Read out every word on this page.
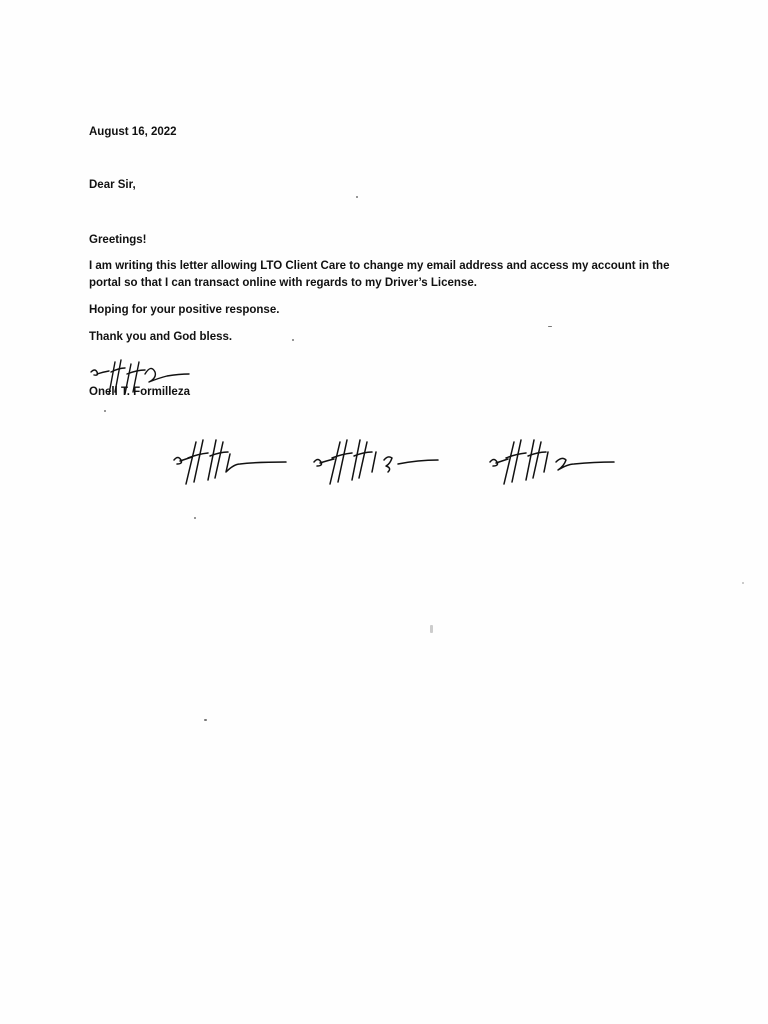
August 16, 2022
Dear Sir,
Greetings!
I am writing this letter allowing LTO Client Care to change my email address and access my account in the portal so that I can transact online with regards to my Driver’s License.
Hoping for your positive response.
Thank you and God bless.
Onell T. Formilleza
